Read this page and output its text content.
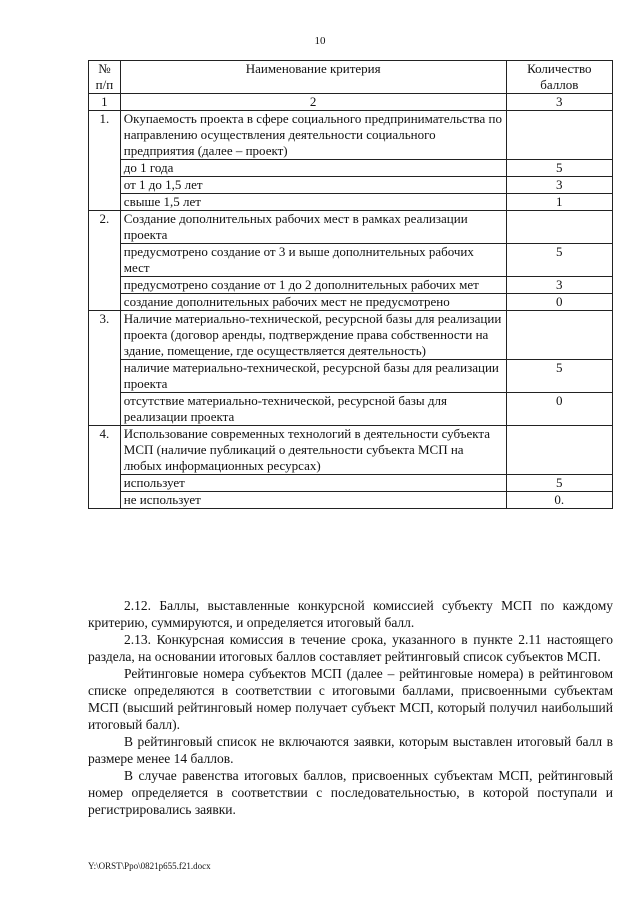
10
№
п/п	Наименование критерия	Количество
баллов
1	2	3
1.	Окупаемость проекта в сфере социального предпринимательства по направлению осуществления деятельности социального предприятия (далее – проект)	
	до 1 года	5
	от 1 до 1,5 лет	3
	свыше 1,5 лет	1
2.	Создание дополнительных рабочих мест в рамках реализации проекта	
	предусмотрено создание от 3 и выше дополнительных рабочих мест	5
	предусмотрено создание от 1 до 2 дополнительных рабочих мет	3
	создание дополнительных рабочих мест не предусмотрено	0
3.	Наличие материально-технической, ресурсной базы для реализации проекта (договор аренды, подтверждение права собственности на здание, помещение, где осуществляется деятельность)	
	наличие материально-технической, ресурсной базы для реализации проекта	5
	отсутствие материально-технической, ресурсной базы для реализации проекта	0
4.	Использование современных технологий в деятельности субъекта МСП (наличие публикаций о деятельности субъекта МСП на любых информационных ресурсах)	
	использует	5
	не использует	0.

2.12. Баллы, выставленные конкурсной комиссией субъекту МСП по каждому критерию, суммируются, и определяется итоговый балл.

2.13. Конкурсная комиссия в течение срока, указанного в пункте 2.11 настоящего раздела, на основании итоговых баллов составляет рейтинговый список субъектов МСП.

Рейтинговые номера субъектов МСП (далее – рейтинговые номера) в рейтинговом списке определяются в соответствии с итоговыми баллами, присвоенными субъектам МСП (высший рейтинговый номер получает субъект МСП, который получил наибольший итоговый балл).

В рейтинговый список не включаются заявки, которым выставлен итоговый балл в размере менее 14 баллов.

В случае равенства итоговых баллов, присвоенных субъектам МСП, рейтинговый номер определяется в соответствии с последовательностью, в которой поступали и регистрировались заявки.

Y:\ORST\Ppo\0821p655.f21.docx
